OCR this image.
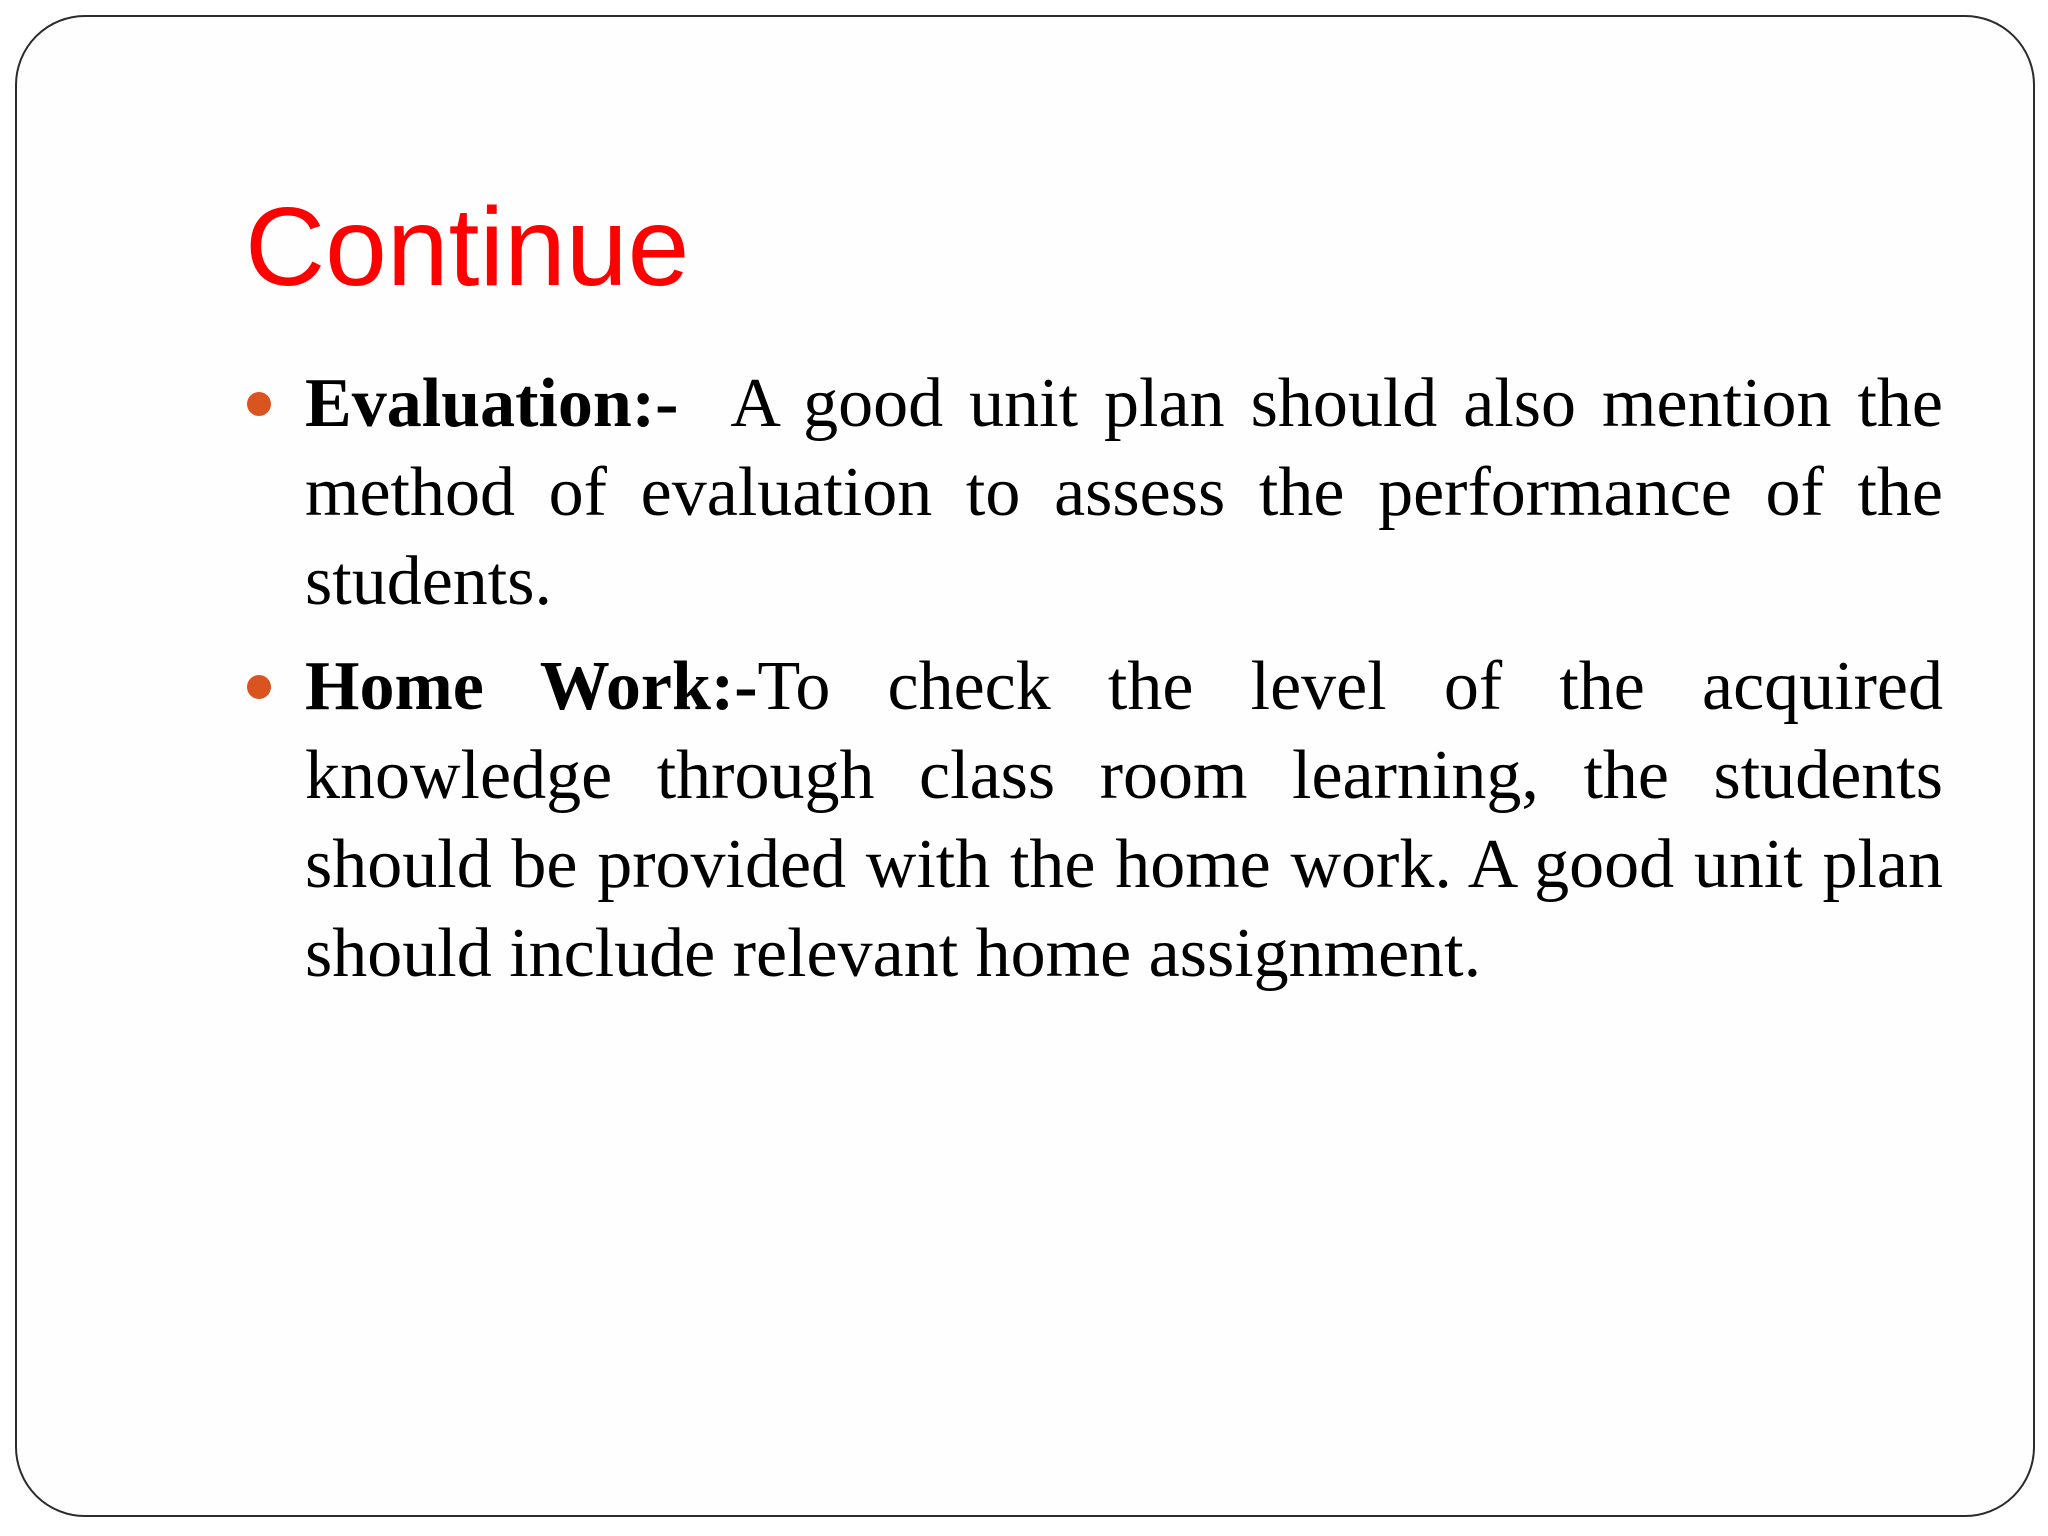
Continue
Evaluation:- A good unit plan should also mention the method of evaluation to assess the performance of the students.
Home Work:-To check the level of the acquired knowledge through class room learning, the students should be provided with the home work. A good unit plan should include relevant home assignment.
